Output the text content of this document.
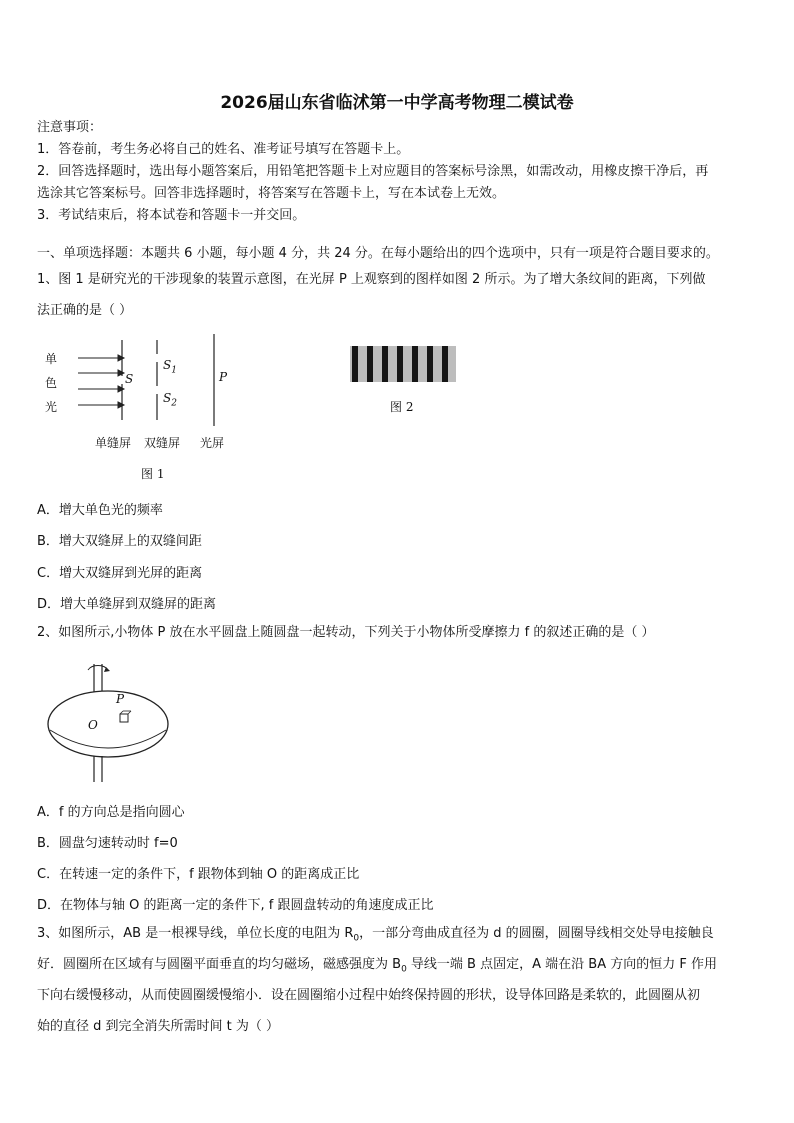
2026届山东省临沭第一中学高考物理二模试卷
注意事项：
1．答卷前，考生务必将自己的姓名、准考证号填写在答题卡上。
2．回答选择题时，选出每小题答案后，用铅笔把答题卡上对应题目的答案标号涂黑，如需改动，用橡皮擦干净后，再
选涂其它答案标号。回答非选择题时，将答案写在答题卡上，写在本试卷上无效。
3．考试结束后，将本试卷和答题卡一并交回。
一、单项选择题：本题共 6 小题，每小题 4 分，共 24 分。在每小题给出的四个选项中，只有一项是符合题目要求的。
1、图 1 是研究光的干涉现象的装置示意图，在光屏 P 上观察到的图样如图 2 所示。为了增大条纹间的距离，下列做
法正确的是（ ）
单
色
光
S
$S_1$
$S_2$
P
单缝屏 双缝屏 光屏
图 1
图 2
A．增大单色光的频率
B．增大双缝屏上的双缝间距
C．增大双缝屏到光屏的距离
D．增大单缝屏到双缝屏的距离
2、如图所示,小物体 P 放在水平圆盘上随圆盘一起转动，下列关于小物体所受摩擦力 f 的叙述正确的是（ ）
P
O
A．f 的方向总是指向圆心
B．圆盘匀速转动时 f=0
C．在转速一定的条件下，f 跟物体到轴 O 的距离成正比
D．在物体与轴 O 的距离一定的条件下, f 跟圆盘转动的角速度成正比
3、如图所示，AB 是一根裸导线，单位长度的电阻为 $R_0$，一部分弯曲成直径为 d 的圆圈，圆圈导线相交处导电接触良
好．圆圈所在区域有与圆圈平面垂直的均匀磁场，磁感强度为 $B_0$ 导线一端 B 点固定，A 端在沿 BA 方向的恒力 F 作用
下向右缓慢移动，从而使圆圈缓慢缩小．设在圆圈缩小过程中始终保持圆的形状，设导体回路是柔软的，此圆圈从初
始的直径 d 到完全消失所需时间 t 为（ ）
